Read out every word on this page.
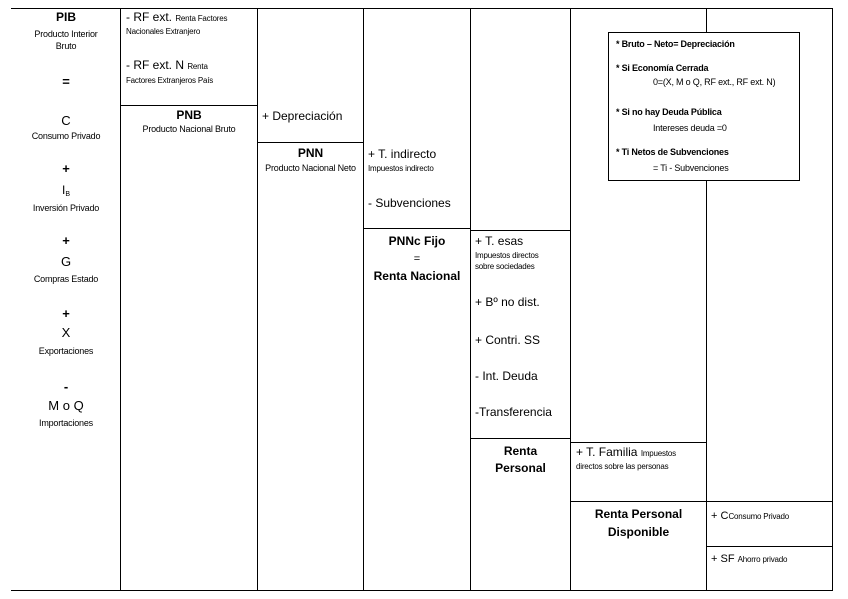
PIB
Producto Interior
Bruto
=
C
Consumo Privado
+
$I_B$
Inversión Privado
+
G
Compras Estado
+
X
Exportaciones
-
M o Q
Importaciones
- RF ext. Renta Factores
Nacionales Extranjero
- RF ext. N Renta
Factores Extranjeros País
PNB
Producto Nacional Bruto
+ Depreciación
PNN
Producto Nacional Neto
+ T. indirecto
Impuestos indirecto
- Subvenciones
PNNc Fijo
=
Renta Nacional
+ T. esas
Impuestos directos
sobre sociedades
+ Bº no dist.
+ Contri. SS
- Int. Deuda
-Transferencia
Renta
Personal
+ T. Familia Impuestos
directos sobre las personas
Renta Personal
Disponible
+ CConsumo Privado
+ SF Ahorro privado
* Bruto – Neto= Depreciación
* Si Economía Cerrada
0=(X, M o Q, RF ext., RF ext. N)
* Si no hay Deuda Pública
Intereses deuda =0
* Ti Netos de Subvenciones
= Ti - Subvenciones
